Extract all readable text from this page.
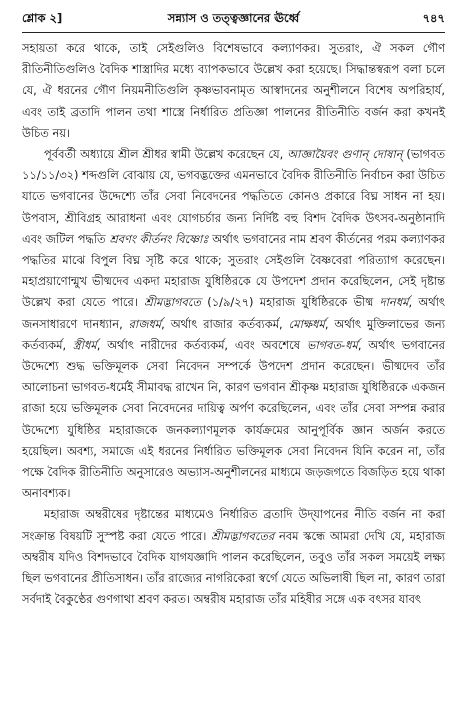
শ্লোক ২]	সন্ন্যাস ও তত্ত্বজ্ঞানের ঊর্ধ্বে	৭৪৭

সহায়তা করে থাকে, তাই সেইগুলিও বিশেষভাবে কল্যাণকর। সুতরাং, ঐ সকল গৌণ রীতিনীতিগুলিও বৈদিক শাস্ত্রাদির মধ্যে ব্যাপকভাবে উল্লেখ করা হয়েছে। সিদ্ধান্তস্বরূপ বলা চলে যে, ঐ ধরনের গৌণ নিয়মনীতিগুলি কৃষ্ণভাবনামৃত আস্বাদনের অনুশীলনে বিশেষ অপরিহার্য, এবং তাই ব্রতাদি পালন তথা শাস্ত্রে নির্ধারিত প্রতিজ্ঞা পালনের রীতিনীতি বর্জন করা কখনই উচিত নয়।

পূর্ববর্তী অধ্যায়ে শ্রীল শ্রীধর স্বামী উল্লেখ করেছেন যে, আজ্ঞায়ৈবং গুণান্ দোষান্ (ভাগবত ১১/১১/৩২) শব্দগুলি বোঝায় যে, ভগবদ্ভক্তের এমনভাবে বৈদিক রীতিনীতি নির্বাচন করা উচিত যাতে ভগবানের উদ্দেশ্যে তাঁর সেবা নিবেদনের পদ্ধতিতে কোনও প্রকারে বিঘ্ন সাধন না হয়। উপবাস, শ্রীবিগ্রহ আরাধনা এবং যোগচর্চার জন্য নির্দিষ্ট বহু বিশদ বৈদিক উৎসব-অনুষ্ঠানাদি এবং জটিল পদ্ধতি শ্রবণং কীর্তনং বিষ্ণোঃ অর্থাৎ ভগবানের নাম শ্রবণ কীর্তনের পরম কল্যাণকর পদ্ধতির মাঝে বিপুল বিঘ্ন সৃষ্টি করে থাকে; সুতরাং সেইগুলি বৈষ্ণবেরা পরিত্যাগ করেছেন। মহাপ্রয়াণোন্মুখ ভীষ্মদেব একদা মহারাজ যুধিষ্ঠিরকে যে উপদেশ প্রদান করেছিলেন, সেই দৃষ্টান্ত উল্লেখ করা যেতে পারে। শ্রীমদ্ভাগবতে (১/৯/২৭) মহারাজ যুধিষ্ঠিরকে ভীষ্ম দানধর্ম, অর্থাৎ জনসাধারণে দানধ্যান, রাজধর্ম, অর্থাৎ রাজার কর্তব্যকর্ম, মোক্ষধর্ম, অর্থাৎ মুক্তিলাভের জন্য কর্তব্যকর্ম, স্ত্রীধর্ম, অর্থাৎ নারীদের কর্তব্যকর্ম, এবং অবশেষে ভাগবত-ধর্ম, অর্থাৎ ভগবানের উদ্দেশ্যে শুদ্ধ ভক্তিমূলক সেবা নিবেদন সম্পর্কে উপদেশ প্রদান করেছেন। ভীষ্মদেব তাঁর আলোচনা ভাগবত-ধর্মেই সীমাবদ্ধ রাখেন নি, কারণ ভগবান শ্রীকৃষ্ণ মহারাজ যুধিষ্ঠিরকে একজন রাজা হয়ে ভক্তিমূলক সেবা নিবেদনের দায়িত্ব অর্পণ করেছিলেন, এবং তাঁর সেবা সম্পন্ন করার উদ্দেশ্যে যুধিষ্ঠির মহারাজকে জনকল্যাণমূলক কার্যক্রমের আনুপূর্বিক জ্ঞান অর্জন করতে হয়েছিল। অবশ্য, সমাজে এই ধরনের নির্ধারিত ভক্তিমূলক সেবা নিবেদন যিনি করেন না, তাঁর পক্ষে বৈদিক রীতিনীতি অনুসারেও অভ্যাস-অনুশীলনের মাধ্যমে জড়জগতে বিজড়িত হয়ে থাকা অনাবশ্যক।

মহারাজ অম্বরীষের দৃষ্টান্তের মাধ্যমেও নির্ধারিত ব্রতাদি উদ্‌যাপনের নীতি বর্জন না করা সংক্রান্ত বিষয়টি সুস্পষ্ট করা যেতে পারে। শ্রীমদ্ভাগবতের নবম স্কন্ধে আমরা দেখি যে, মহারাজ অম্বরীষ যদিও বিশদভাবে বৈদিক যাগযজ্ঞাদি পালন করেছিলেন, তবুও তাঁর সকল সময়েই লক্ষ্য ছিল ভগবানের প্রীতিসাধন। তাঁর রাজ্যের নাগরিকেরা স্বর্গে যেতে অভিলাষী ছিল না, কারণ তারা সর্বদাই বৈকুণ্ঠের গুণগাথা শ্রবণ করত। অম্বরীষ মহারাজ তাঁর মহিষীর সঙ্গে এক বৎসর যাবৎ
